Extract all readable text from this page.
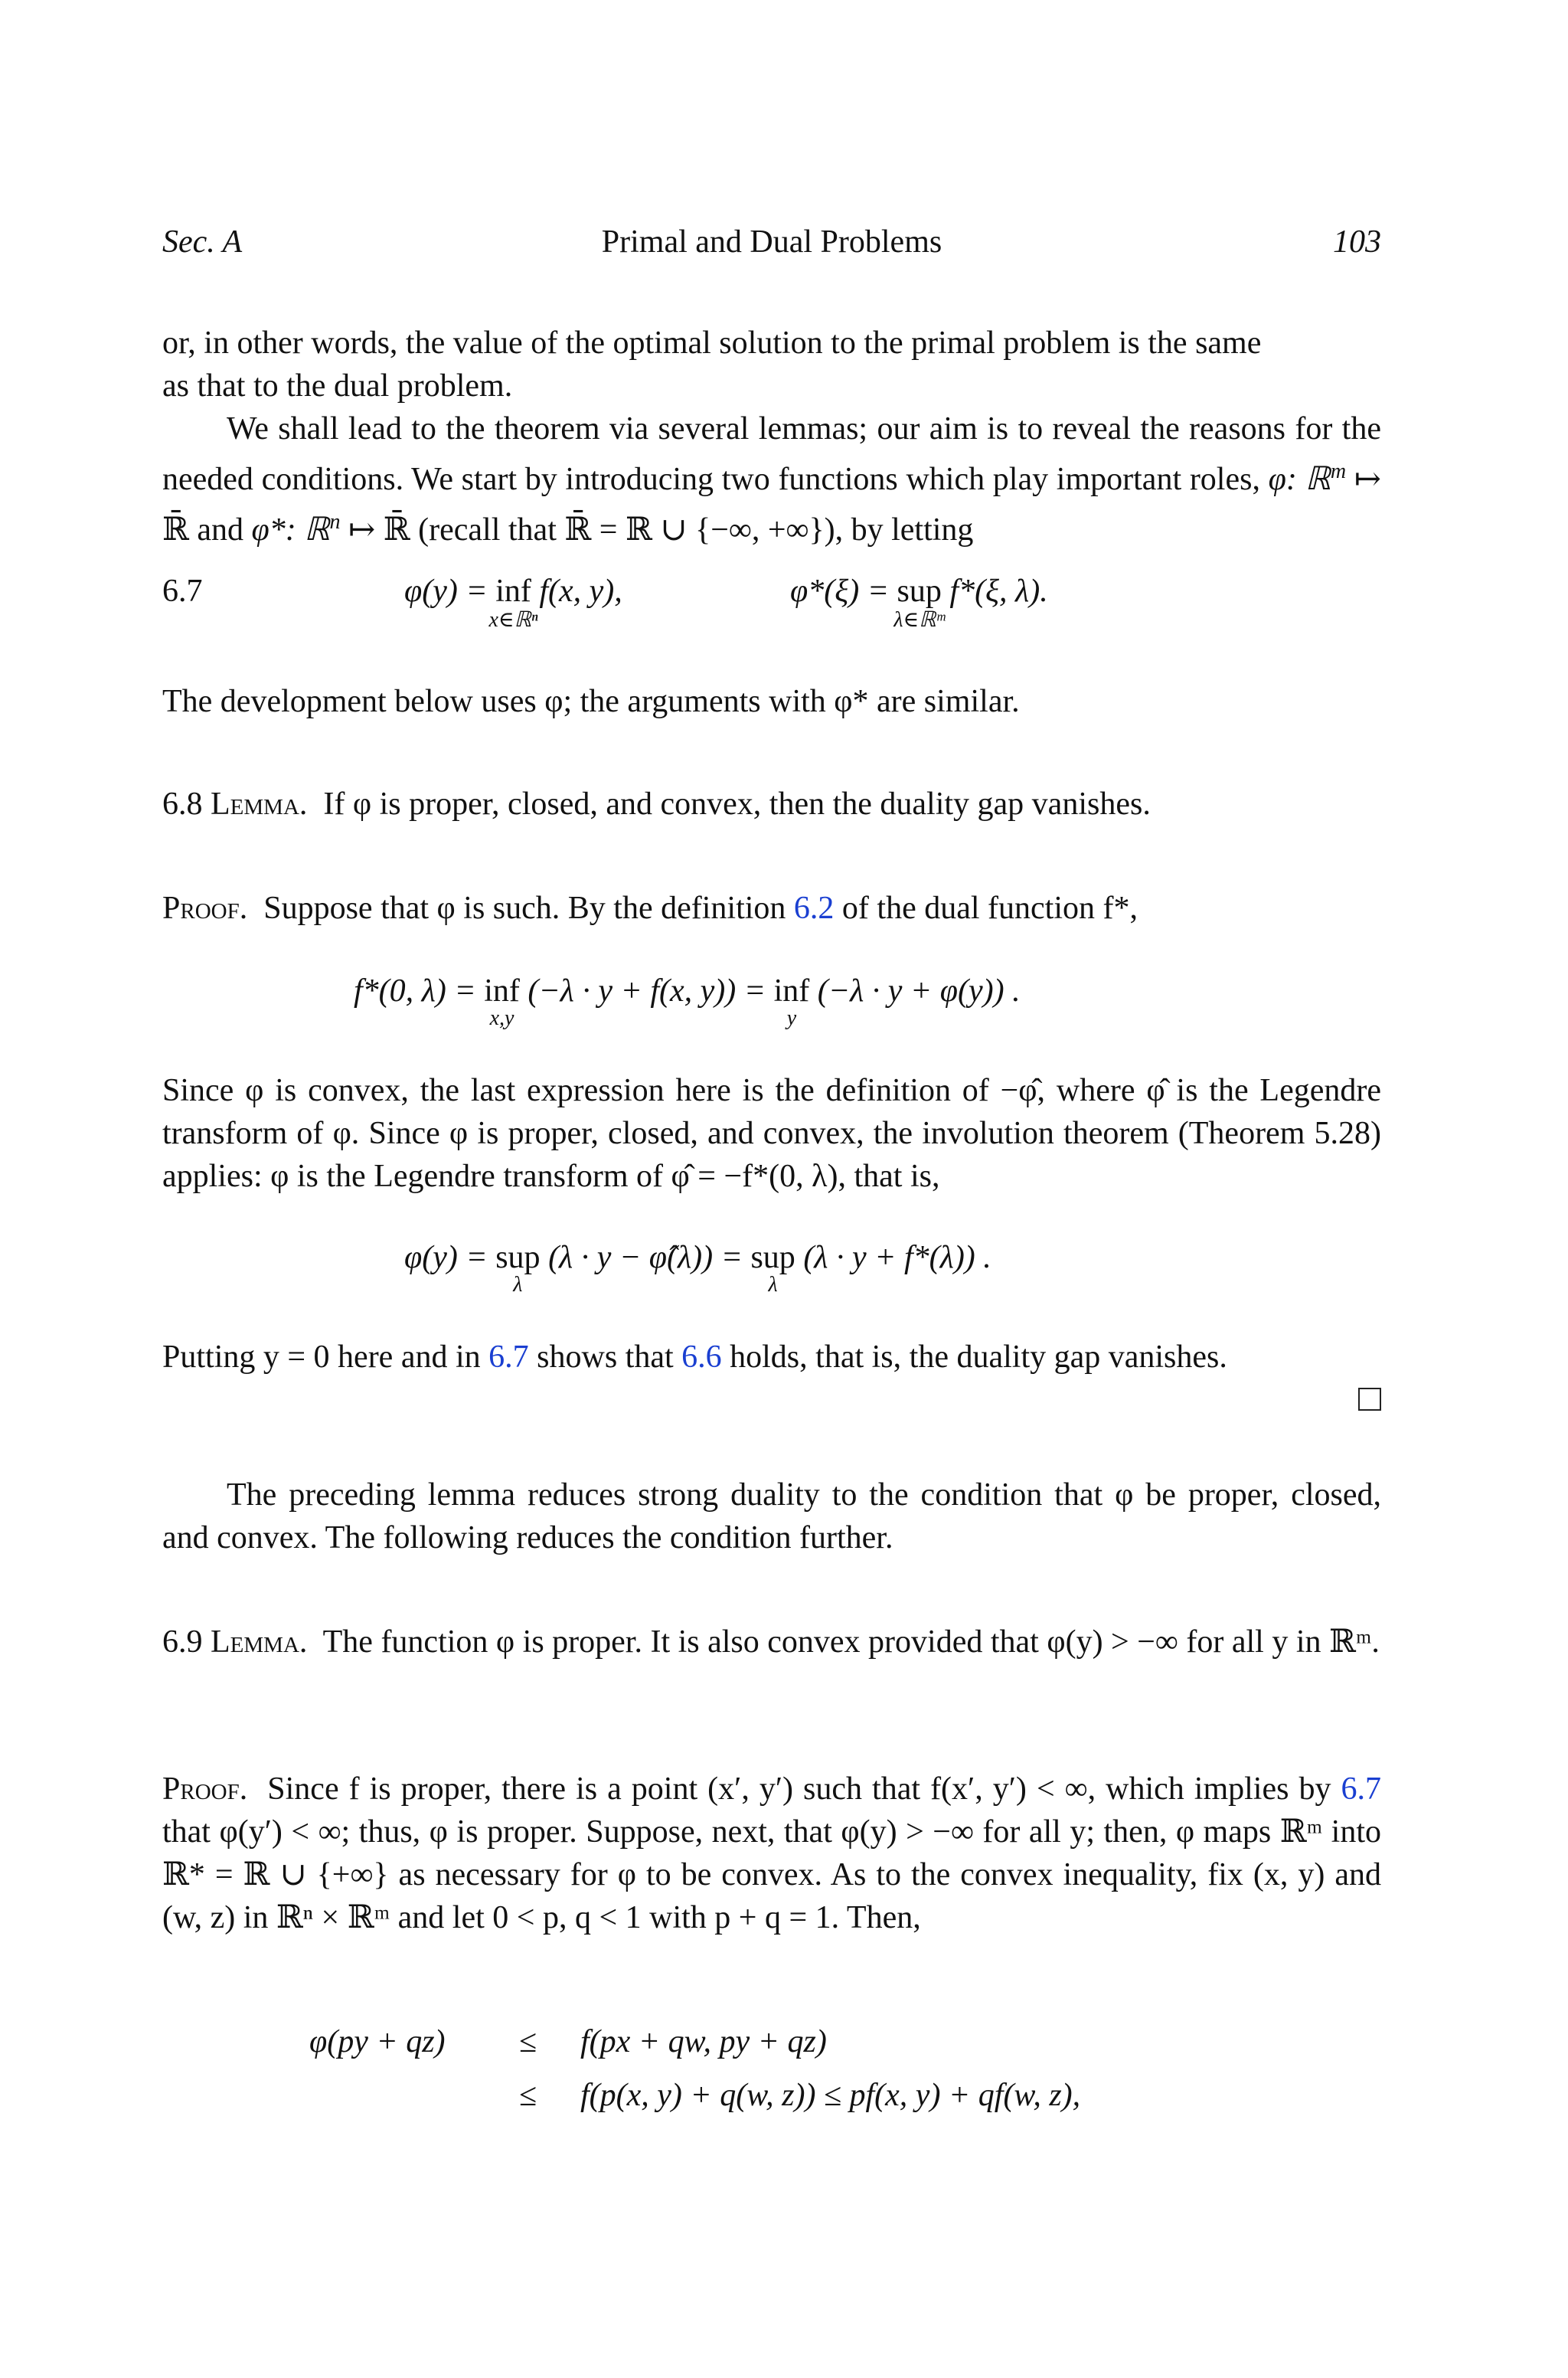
Sec. A	Primal and Dual Problems	103

or, in other words, the value of the optimal solution to the primal problem is the same

as that to the dual problem.

We shall lead to the theorem via several lemmas; our aim is to reveal the reasons for the needed conditions. We start by introducing two functions which play important roles, φ: ℝ$^m$ ↦ ℝ̄ and φ*: ℝ$^n$ ↦ ℝ̄ (recall that ℝ̄ = ℝ ∪ {−∞, +∞}), by letting

6.7	φ(y) = inf
x∈ℝⁿ
f(x, y),	φ*(ξ) = sup
λ∈ℝᵐ
f*(ξ, λ).

The development below uses φ; the arguments with φ* are similar.

6.8 Lemma.  If φ is proper, closed, and convex, then the duality gap vanishes.

Proof. Suppose that φ is such. By the definition 6.2 of the dual function f*,

f*(0, λ) = inf
x,y
(−λ · y + f(x, y)) = inf
y
(−λ · y + φ(y)) .

Since φ is convex, the last expression here is the definition of −φ̂, where φ̂ is the Legendre transform of φ. Since φ is proper, closed, and convex, the involution theorem (Theorem 5.28) applies: φ is the Legendre transform of φ̂ = −f*(0, λ), that is,

φ(y) = sup
λ
(λ · y − φ̂(λ)) = sup
λ
(λ · y + f*(λ)) .

Putting y = 0 here and in 6.7 shows that 6.6 holds, that is, the duality gap vanishes.

The preceding lemma reduces strong duality to the condition that φ be proper, closed, and convex. The following reduces the condition further.

6.9 Lemma.  The function φ is proper. It is also convex provided that φ(y) > −∞ for all y in ℝᵐ.

Proof. Since f is proper, there is a point (x′, y′) such that f(x′, y′) < ∞, which implies by 6.7 that φ(y′) < ∞; thus, φ is proper. Suppose, next, that φ(y) > −∞ for all y; then, φ maps ℝᵐ into ℝ* = ℝ ∪ {+∞} as necessary for φ to be convex. As to the convex inequality, fix (x, y) and (w, z) in ℝⁿ × ℝᵐ and let 0 < p, q < 1 with p + q = 1. Then,

φ(py + qz) ≤ f(px + qw, py + qz)
≤ f(p(x, y) + q(w, z)) ≤ pf(x, y) + qf(w, z),
